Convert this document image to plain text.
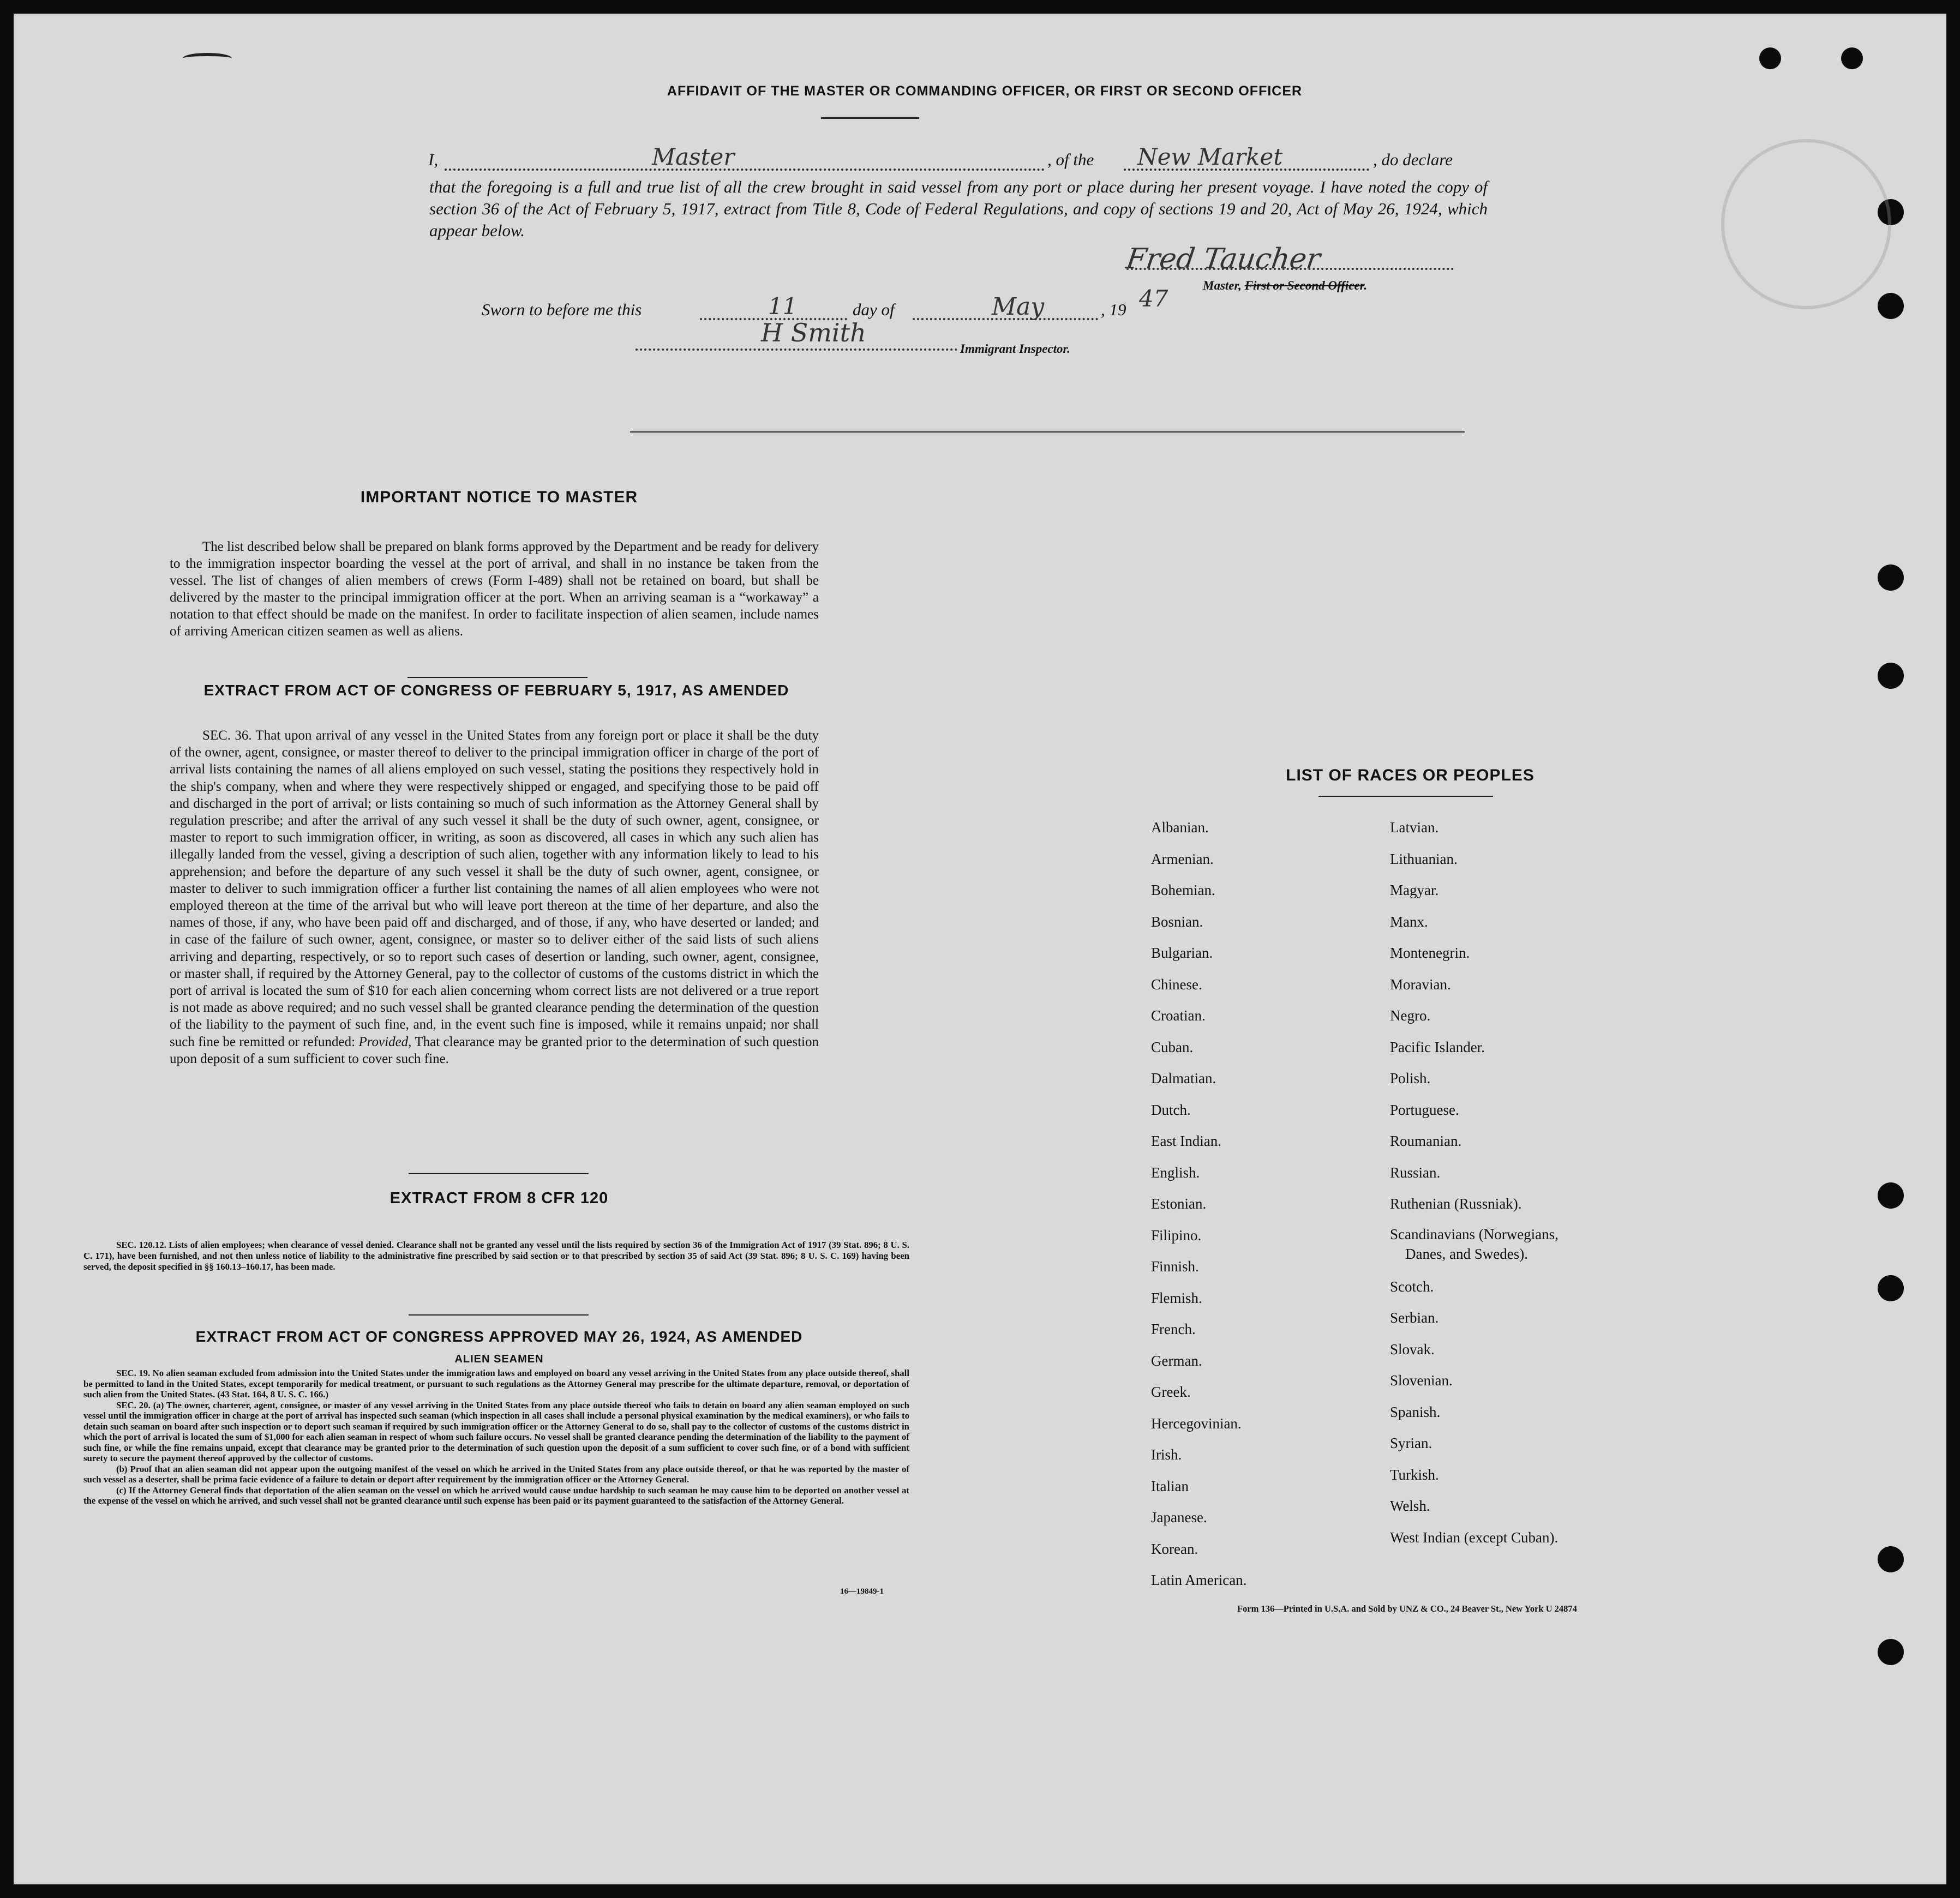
AFFIDAVIT OF THE MASTER OR COMMANDING OFFICER, OR FIRST OR SECOND OFFICER
I,	Master	, of the New Market	, do declare
that the foregoing is a full and true list of all the crew brought in said vessel from any port or place during her present voyage. I have noted the copy of section 36 of the Act of February 5, 1917, extract from Title 8, Code of Federal Regulations, and copy of sections 19 and 20, Act of May 26, 1924, which appear below.
Fred Taucher
Master, First or Second Officer.
Sworn to before me this	11	day of	May	, 19 47
H Smith
Immigrant Inspector.
IMPORTANT NOTICE TO MASTER
The list described below shall be prepared on blank forms approved by the Department and be ready for delivery to the immigration inspector boarding the vessel at the port of arrival, and shall in no instance be taken from the vessel. The list of changes of alien members of crews (Form I-489) shall not be retained on board, but shall be delivered by the master to the principal immigration officer at the port. When an arriving seaman is a “workaway” a notation to that effect should be made on the manifest. In order to facilitate inspection of alien seamen, include names of arriving American citizen seamen as well as aliens.
EXTRACT FROM ACT OF CONGRESS OF FEBRUARY 5, 1917, AS AMENDED
SEC. 36. That upon arrival of any vessel in the United States from any foreign port or place it shall be the duty of the owner, agent, consignee, or master thereof to deliver to the principal immigration officer in charge of the port of arrival lists containing the names of all aliens employed on such vessel, stating the positions they respectively hold in the ship's company, when and where they were respectively shipped or engaged, and specifying those to be paid off and discharged in the port of arrival; or lists containing so much of such information as the Attorney General shall by regulation prescribe; and after the arrival of any such vessel it shall be the duty of such owner, agent, consignee, or master to report to such immigration officer, in writing, as soon as discovered, all cases in which any such alien has illegally landed from the vessel, giving a description of such alien, together with any information likely to lead to his apprehension; and before the departure of any such vessel it shall be the duty of such owner, agent, consignee, or master to deliver to such immigration officer a further list containing the names of all alien employees who were not employed thereon at the time of the arrival but who will leave port thereon at the time of her departure, and also the names of those, if any, who have been paid off and discharged, and of those, if any, who have deserted or landed; and in case of the failure of such owner, agent, consignee, or master so to deliver either of the said lists of such aliens arriving and departing, respectively, or so to report such cases of desertion or landing, such owner, agent, consignee, or master shall, if required by the Attorney General, pay to the collector of customs of the customs district in which the port of arrival is located the sum of $10 for each alien concerning whom correct lists are not delivered or a true report is not made as above required; and no such vessel shall be granted clearance pending the determination of the question of the liability to the payment of such fine, and, in the event such fine is imposed, while it remains unpaid; nor shall such fine be remitted or refunded: Provided, That clearance may be granted prior to the determination of such question upon deposit of a sum sufficient to cover such fine.
EXTRACT FROM 8 CFR 120
SEC. 120.12. Lists of alien employees; when clearance of vessel denied. Clearance shall not be granted any vessel until the lists required by section 36 of the Immigration Act of 1917 (39 Stat. 896; 8 U. S. C. 171), have been furnished, and not then unless notice of liability to the administrative fine prescribed by said section or to that prescribed by section 35 of said Act (39 Stat. 896; 8 U. S. C. 169) having been served, the deposit specified in §§ 160.13–160.17, has been made.
EXTRACT FROM ACT OF CONGRESS APPROVED MAY 26, 1924, AS AMENDED
ALIEN SEAMEN
SEC. 19. No alien seaman excluded from admission into the United States under the immigration laws and employed on board any vessel arriving in the United States from any place outside thereof, shall be permitted to land in the United States, except temporarily for medical treatment, or pursuant to such regulations as the Attorney General may prescribe for the ultimate departure, removal, or deportation of such alien from the United States. (43 Stat. 164, 8 U. S. C. 166.)
SEC. 20. (a) The owner, charterer, agent, consignee, or master of any vessel arriving in the United States from any place outside thereof who fails to detain on board any alien seaman employed on such vessel until the immigration officer in charge at the port of arrival has inspected such seaman (which inspection in all cases shall include a personal physical examination by the medical examiners), or who fails to detain such seaman on board after such inspection or to deport such seaman if required by such immigration officer or the Attorney General to do so, shall pay to the collector of customs of the customs district in which the port of arrival is located the sum of $1,000 for each alien seaman in respect of whom such failure occurs. No vessel shall be granted clearance pending the determination of the liability to the payment of such fine, or while the fine remains unpaid, except that clearance may be granted prior to the determination of such question upon the deposit of a sum sufficient to cover such fine, or of a bond with sufficient surety to secure the payment thereof approved by the collector of customs.
(b) Proof that an alien seaman did not appear upon the outgoing manifest of the vessel on which he arrived in the United States from any place outside thereof, or that he was reported by the master of such vessel as a deserter, shall be prima facie evidence of a failure to detain or deport after requirement by the immigration officer or the Attorney General.
(c) If the Attorney General finds that deportation of the alien seaman on the vessel on which he arrived would cause undue hardship to such seaman he may cause him to be deported on another vessel at the expense of the vessel on which he arrived, and such vessel shall not be granted clearance until such expense has been paid or its payment guaranteed to the satisfaction of the Attorney General.
16—19849-1
LIST OF RACES OR PEOPLES
Albanian.
Armenian.
Bohemian.
Bosnian.
Bulgarian.
Chinese.
Croatian.
Cuban.
Dalmatian.
Dutch.
East Indian.
English.
Estonian.
Filipino.
Finnish.
Flemish.
French.
German.
Greek.
Hercegovinian.
Irish.
Italian
Japanese.
Korean.
Latin American.
Latvian.
Lithuanian.
Magyar.
Manx.
Montenegrin.
Moravian.
Negro.
Pacific Islander.
Polish.
Portuguese.
Roumanian.
Russian.
Ruthenian (Russniak).
Scandinavians (Norwegians,
Danes, and Swedes).
Scotch.
Serbian.
Slovak.
Slovenian.
Spanish.
Syrian.
Turkish.
Welsh.
West Indian (except Cuban).
Form 136—Printed in U.S.A. and Sold by UNZ & CO., 24 Beaver St., New York U 24874
